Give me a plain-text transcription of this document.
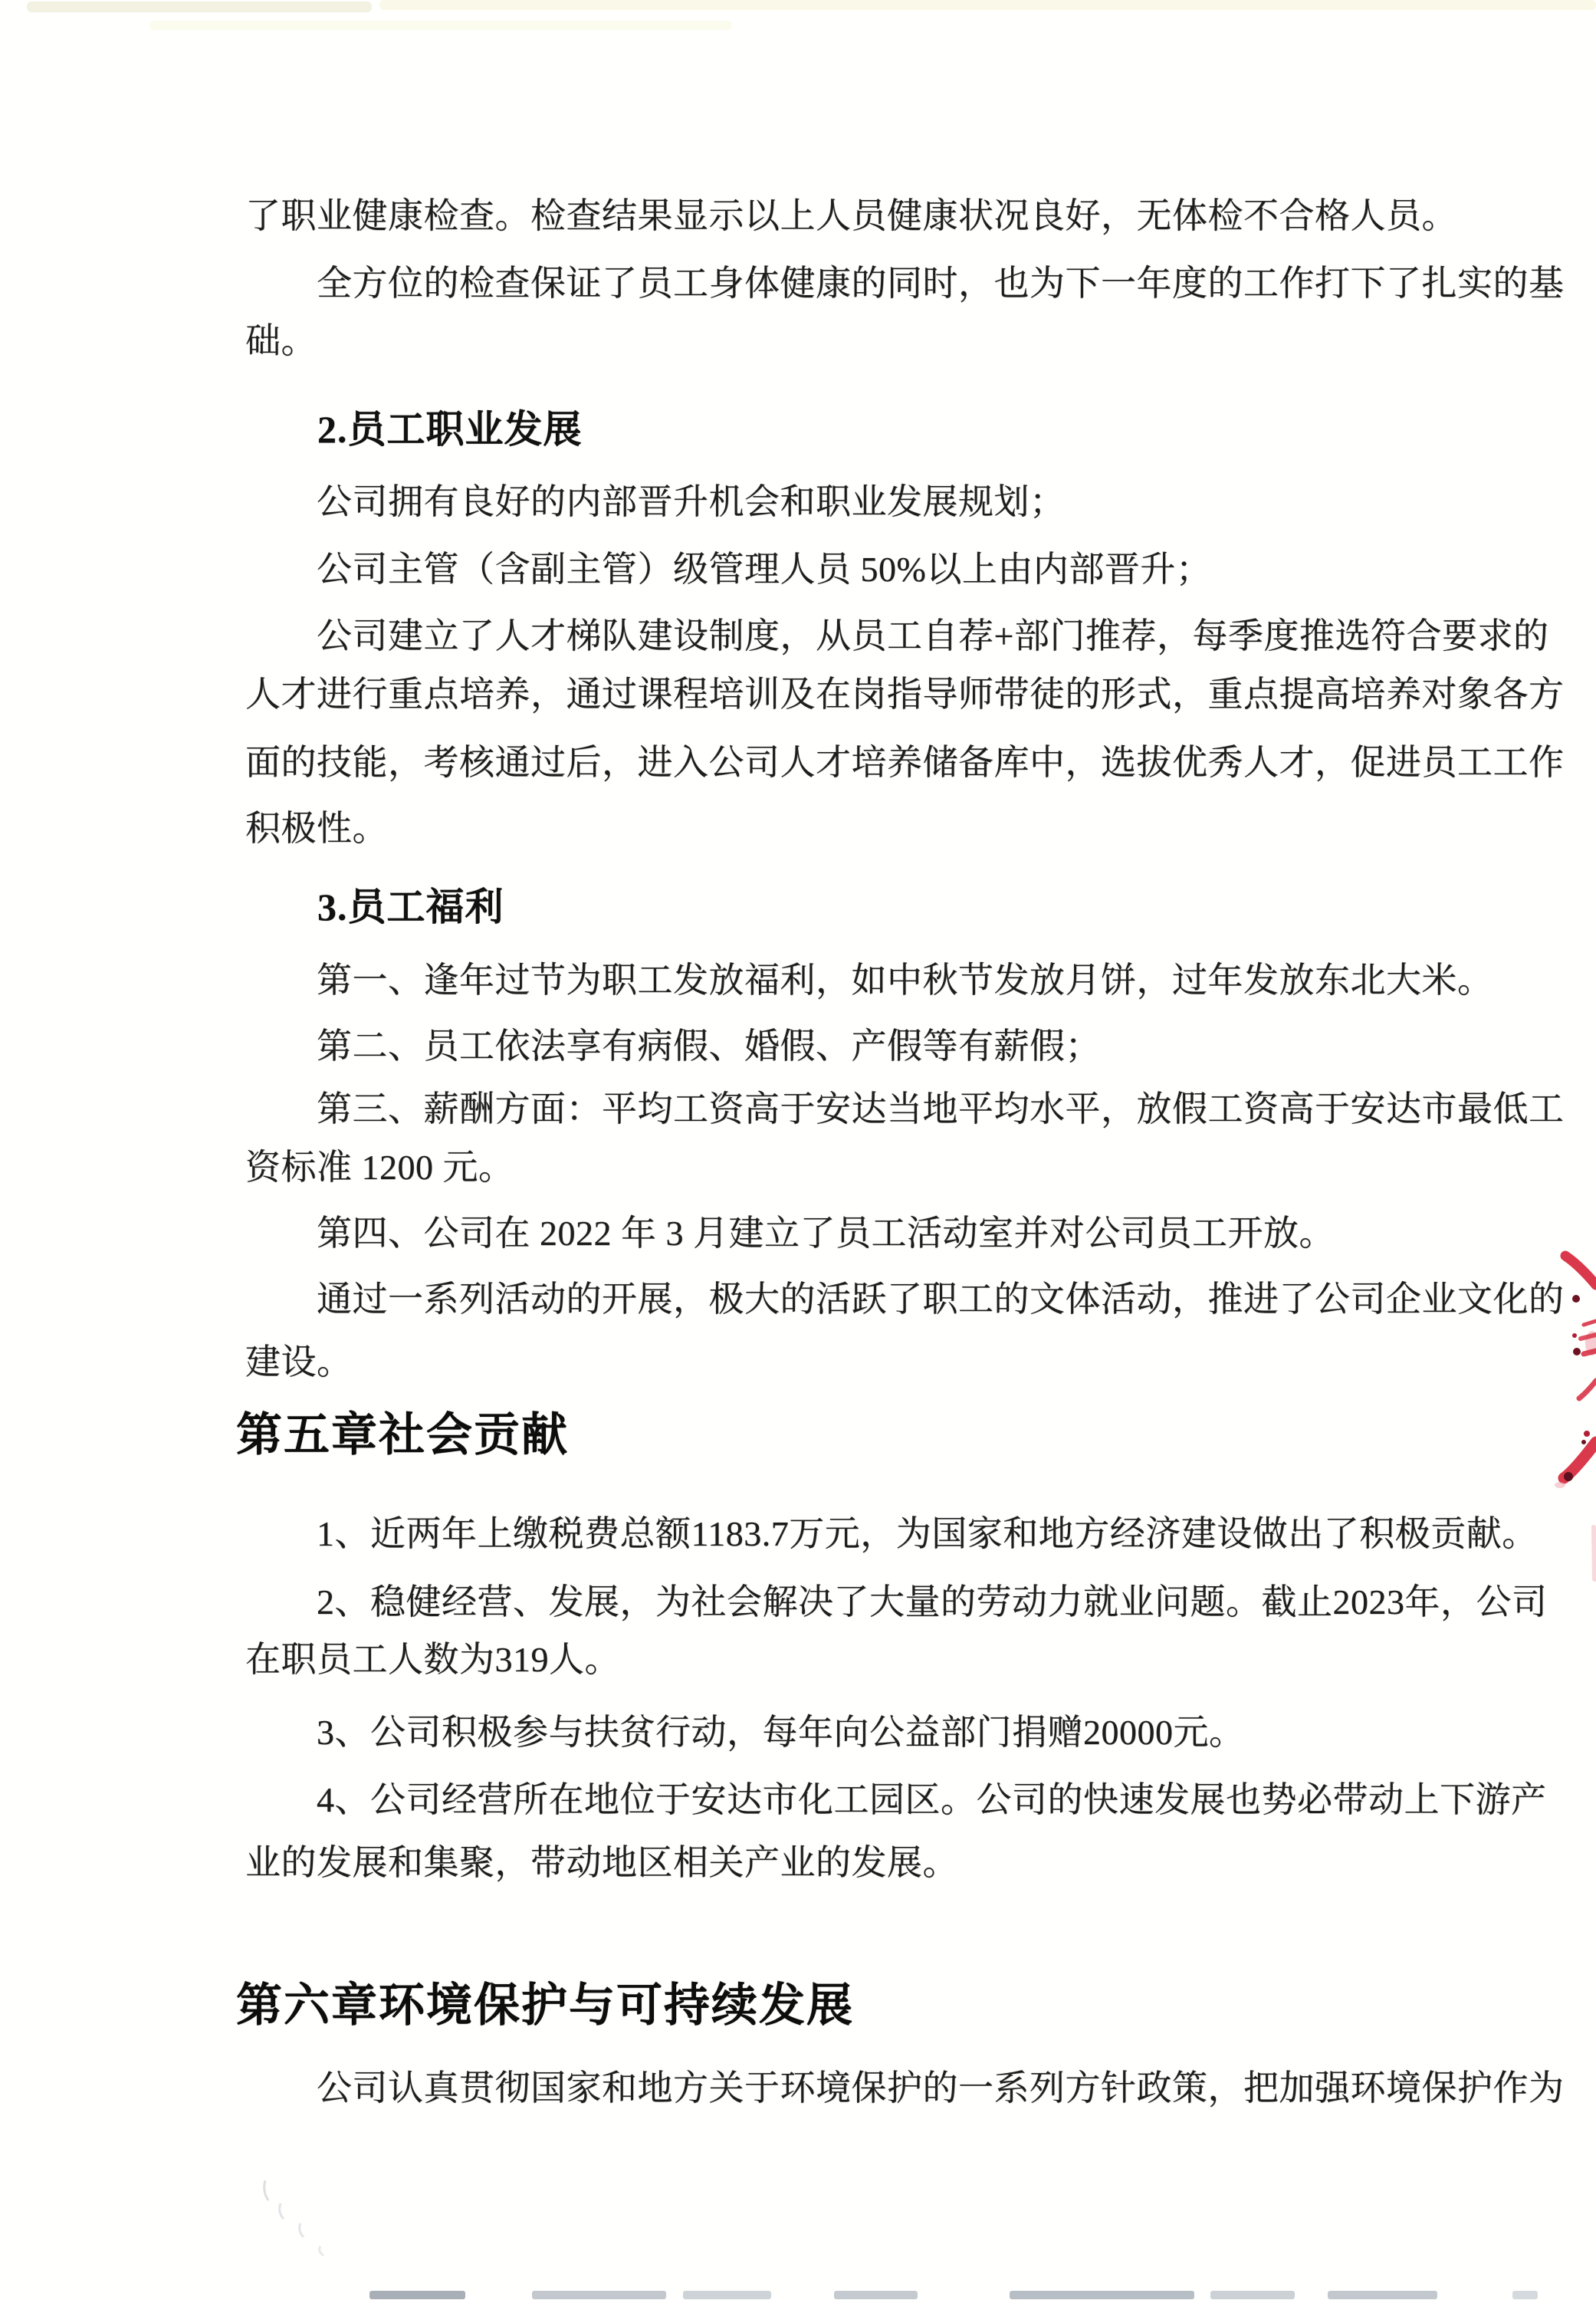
了职业健康检查。检查结果显示以上人员健康状况良好，无体检不合格人员。
　　全方位的检查保证了员工身体健康的同时，也为下一年度的工作打下了扎实的基
础。
2.员工职业发展
　　公司拥有良好的内部晋升机会和职业发展规划；
　　公司主管（含副主管）级管理人员 50%以上由内部晋升；
　　公司建立了人才梯队建设制度，从员工自荐+部门推荐，每季度推选符合要求的
人才进行重点培养，通过课程培训及在岗指导师带徒的形式，重点提高培养对象各方
面的技能，考核通过后，进入公司人才培养储备库中，选拔优秀人才，促进员工工作
积极性。
3.员工福利
　　第一、逢年过节为职工发放福利，如中秋节发放月饼，过年发放东北大米。
　　第二、员工依法享有病假、婚假、产假等有薪假；
　　第三、薪酬方面：平均工资高于安达当地平均水平，放假工资高于安达市最低工
资标准 1200 元。
　　第四、公司在 2022 年 3 月建立了员工活动室并对公司员工开放。
　　通过一系列活动的开展，极大的活跃了职工的文体活动，推进了公司企业文化的
建设。
第五章社会贡献
　　1、近两年上缴税费总额1183.7万元，为国家和地方经济建设做出了积极贡献。
　　2、稳健经营、发展，为社会解决了大量的劳动力就业问题。截止2023年，公司
在职员工人数为319人。
　　3、公司积极参与扶贫行动，每年向公益部门捐赠20000元。
　　4、公司经营所在地位于安达市化工园区。公司的快速发展也势必带动上下游产
业的发展和集聚，带动地区相关产业的发展。
第六章环境保护与可持续发展
　　公司认真贯彻国家和地方关于环境保护的一系列方针政策，把加强环境保护作为
